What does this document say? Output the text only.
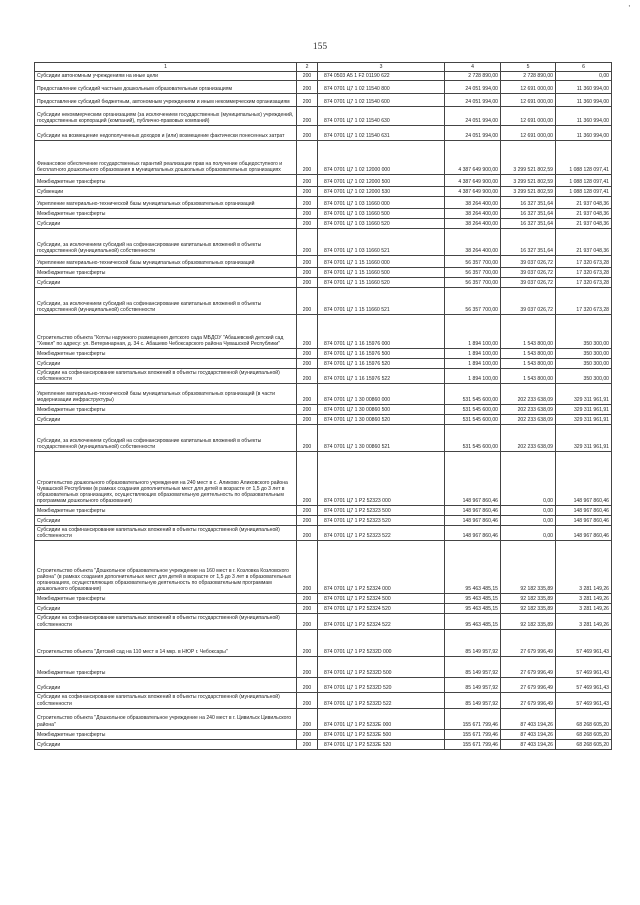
'
155
1	2	3	4	5	6
Субсидии автономным учреждениям на иные цели	200	874 0503 А5 1 F2 01190 622	2 728 890,00	2 728 890,00	0,00
Предоставление субсидий частным дошкольным образовательным организациям	200	874 0701 Ц7 1 02 11540 800	24 051 994,00	12 691 000,00	11 360 994,00
Предоставление субсидий бюджетным, автономным учреждениям и иным некоммерческим организациям	200	874 0701 Ц7 1 02 11540 600	24 051 994,00	12 691 000,00	11 360 994,00
Субсидии некоммерческим организациям (за исключением государственных (муниципальных) учреждений, государственных корпораций (компаний), публично-правовых компаний)	200	874 0701 Ц7 1 02 11540 630	24 051 994,00	12 691 000,00	11 360 994,00
Субсидии на возмещение недополученных доходов и (или) возмещение фактически понесенных затрат	200	874 0701 Ц7 1 02 11540 631	24 051 994,00	12 691 000,00	11 360 994,00
Финансовое обеспечение государственных гарантий реализации прав на получение общедоступного и бесплатного дошкольного образования в муниципальных дошкольных образовательных организациях	200	874 0701 Ц7 1 02 12000 000	4 387 649 900,00	3 299 521 802,59	1 088 128 097,41
Межбюджетные трансферты	200	874 0701 Ц7 1 02 12000 500	4 387 649 900,00	3 299 521 802,59	1 088 128 097,41
Субвенции	200	874 0701 Ц7 1 02 12000 530	4 387 649 900,00	3 299 521 802,59	1 088 128 097,41
Укрепление материально-технической базы муниципальных образовательных организаций	200	874 0701 Ц7 1 03 11660 000	38 264 400,00	16 327 351,64	21 937 048,36
Межбюджетные трансферты	200	874 0701 Ц7 1 03 11660 500	38 264 400,00	16 327 351,64	21 937 048,36
Субсидии	200	874 0701 Ц7 1 03 11660 520	38 264 400,00	16 327 351,64	21 937 048,36
Субсидии, за исключением субсидий на софинансирование капитальных вложений в объекты государственной (муниципальной) собственности	200	874 0701 Ц7 1 03 11660 521	38 264 400,00	16 327 351,64	21 937 048,36
Укрепление материально-технической базы муниципальных образовательных организаций	200	874 0701 Ц7 1 15 11660 000	56 357 700,00	39 037 026,72	17 320 673,28
Межбюджетные трансферты	200	874 0701 Ц7 1 15 11660 500	56 357 700,00	39 037 026,72	17 320 673,28
Субсидии	200	874 0701 Ц7 1 15 11660 520	56 357 700,00	39 037 026,72	17 320 673,28
Субсидии, за исключением субсидий на софинансирование капитальных вложений в объекты государственной (муниципальной) собственности	200	874 0701 Ц7 1 15 11660 521	56 357 700,00	39 037 026,72	17 320 673,28
Строительство объекта "Котлы наружного размещения детского сада МБДОУ "Абашевский детский сад "Хевел" по адресу: ул. Ветеринарная, д. 34 с. Абашево Чебоксарского района Чувашской Республики"	200	874 0701 Ц7 1 16 15976 000	1 894 100,00	1 543 800,00	350 300,00
Межбюджетные трансферты	200	874 0701 Ц7 1 16 15976 500	1 894 100,00	1 543 800,00	350 300,00
Субсидии	200	874 0701 Ц7 1 16 15976 520	1 894 100,00	1 543 800,00	350 300,00
Субсидии на софинансирование капитальных вложений в объекты государственной (муниципальной) собственности	200	874 0701 Ц7 1 16 15976 522	1 894 100,00	1 543 800,00	350 300,00
Укрепление материально-технической базы муниципальных образовательных организаций (в части модернизации инфраструктуры)	200	874 0701 Ц7 1 30 00860 000	531 545 600,00	202 233 638,09	329 311 961,91
Межбюджетные трансферты	200	874 0701 Ц7 1 30 00860 500	531 545 600,00	202 233 638,09	329 311 961,91
Субсидии	200	874 0701 Ц7 1 30 00860 520	531 545 600,00	202 233 638,09	329 311 961,91
Субсидии, за исключением субсидий на софинансирование капитальных вложений в объекты государственной (муниципальной) собственности	200	874 0701 Ц7 1 30 00860 521	531 545 600,00	202 233 638,09	329 311 961,91
Строительство дошкольного образовательного учреждения на 240 мест в с. Аликово Аликовского района Чувашской Республики (в рамках создания дополнительных мест для детей в возрасте от 1,5 до 3 лет в образовательных организациях, осуществляющих образовательную деятельность по образовательным программам дошкольного образования)	200	874 0701 Ц7 1 P2 52323 000	148 967 860,46	0,00	148 967 860,46
Межбюджетные трансферты	200	874 0701 Ц7 1 P2 52323 500	148 967 860,46	0,00	148 967 860,46
Субсидии	200	874 0701 Ц7 1 P2 52323 520	148 967 860,46	0,00	148 967 860,46
Субсидии на софинансирование капитальных вложений в объекты государственной (муниципальной) собственности	200	874 0701 Ц7 1 P2 52323 522	148 967 860,46	0,00	148 967 860,46
Строительство объекта "Дошкольное образовательное учреждение на 160 мест в г. Козловка Козловского района" (в рамках создания дополнительных мест для детей в возрасте от 1,5 до 3 лет в образовательных организациях, осуществляющих образовательную деятельность по образовательным программам дошкольного образования)	200	874 0701 Ц7 1 P2 52324 000	95 463 485,15	92 182 335,89	3 281 149,26
Межбюджетные трансферты	200	874 0701 Ц7 1 P2 52324 500	95 463 485,15	92 182 335,89	3 281 149,26
Субсидии	200	874 0701 Ц7 1 P2 52324 520	95 463 485,15	92 182 335,89	3 281 149,26
Субсидии на софинансирование капитальных вложений в объекты государственной (муниципальной) собственности	200	874 0701 Ц7 1 P2 52324 522	95 463 485,15	92 182 335,89	3 281 149,26
Строительство объекта "Детский сад на 110 мест в 14 мкр. в НЮР г. Чебоксары"	200	874 0701 Ц7 1 P2 5232D 000	85 149 957,92	27 679 996,49	57 469 961,43
Межбюджетные трансферты	200	874 0701 Ц7 1 P2 5232D 500	85 149 957,92	27 679 996,49	57 469 961,43
Субсидии	200	874 0701 Ц7 1 P2 5232D 520	85 149 957,92	27 679 996,49	57 469 961,43
Субсидии на софинансирование капитальных вложений в объекты государственной (муниципальной) собственности	200	874 0701 Ц7 1 P2 5232D 522	85 149 957,92	27 679 996,49	57 469 961,43
Строительство объекта "Дошкольное образовательное учреждение на 240 мест в г. Цивильск Цивильского района"	200	874 0701 Ц7 1 P2 5232E 000	155 671 799,46	87 403 194,26	68 268 605,20
Межбюджетные трансферты	200	874 0701 Ц7 1 P2 5232E 500	155 671 799,46	87 403 194,26	68 268 605,20
Субсидии	200	874 0701 Ц7 1 P2 5232E 520	155 671 799,46	87 403 194,26	68 268 605,20
